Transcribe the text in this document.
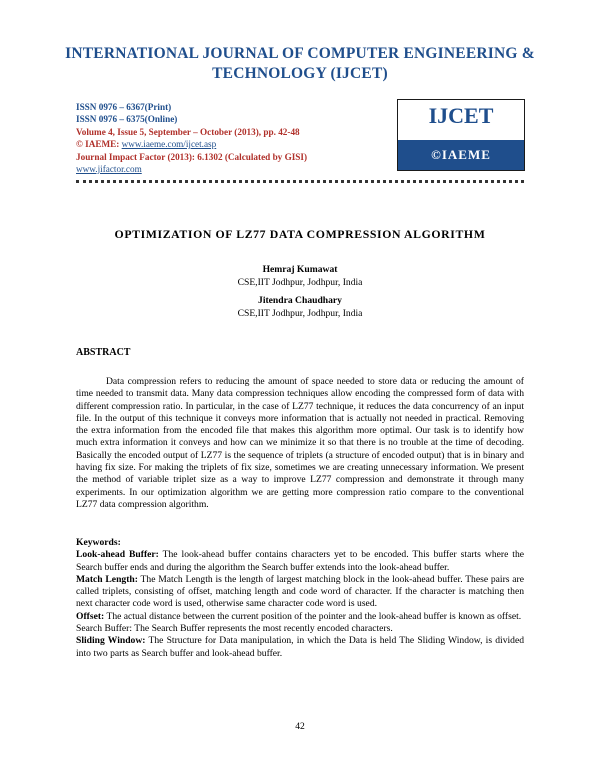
INTERNATIONAL JOURNAL OF COMPUTER ENGINEERING & TECHNOLOGY (IJCET)
ISSN 0976 – 6367(Print)
ISSN 0976 – 6375(Online)
Volume 4, Issue 5, September – October (2013), pp. 42-48
© IAEME: www.iaeme.com/ijcet.asp
Journal Impact Factor (2013): 6.1302 (Calculated by GISI)
www.jifactor.com
IJCET
©IAEME
OPTIMIZATION OF LZ77 DATA COMPRESSION ALGORITHM
Hemraj Kumawat
CSE,IIT Jodhpur, Jodhpur, India
Jitendra Chaudhary
CSE,IIT Jodhpur, Jodhpur, India
ABSTRACT
Data compression refers to reducing the amount of space needed to store data or reducing the amount of time needed to transmit data. Many data compression techniques allow encoding the compressed form of data with different compression ratio. In particular, in the case of LZ77 technique, it reduces the data concurrency of an input file. In the output of this technique it conveys more information that is actually not needed in practical. Removing the extra information from the encoded file that makes this algorithm more optimal. Our task is to identify how much extra information it conveys and how can we minimize it so that there is no trouble at the time of decoding. Basically the encoded output of LZ77 is the sequence of triplets (a structure of encoded output) that is in binary and having fix size. For making the triplets of fix size, sometimes we are creating unnecessary information. We present the method of variable triplet size as a way to improve LZ77 compression and demonstrate it through many experiments. In our optimization algorithm we are getting more compression ratio compare to the conventional LZ77 data compression algorithm.
Keywords:

Look-ahead Buffer: The look-ahead buffer contains characters yet to be encoded. This buffer starts where the Search buffer ends and during the algorithm the Search buffer extends into the look-ahead buffer.

Match Length: The Match Length is the length of largest matching block in the look-ahead buffer. These pairs are called triplets, consisting of offset, matching length and code word of character. If the character is matching then next character code word is used, otherwise same character code word is used.

Offset: The actual distance between the current position of the pointer and the look-ahead buffer is known as offset.

Search Buffer: The Search Buffer represents the most recently encoded characters.

Sliding Window: The Structure for Data manipulation, in which the Data is held The Sliding Window, is divided into two parts as Search buffer and look-ahead buffer.

42
